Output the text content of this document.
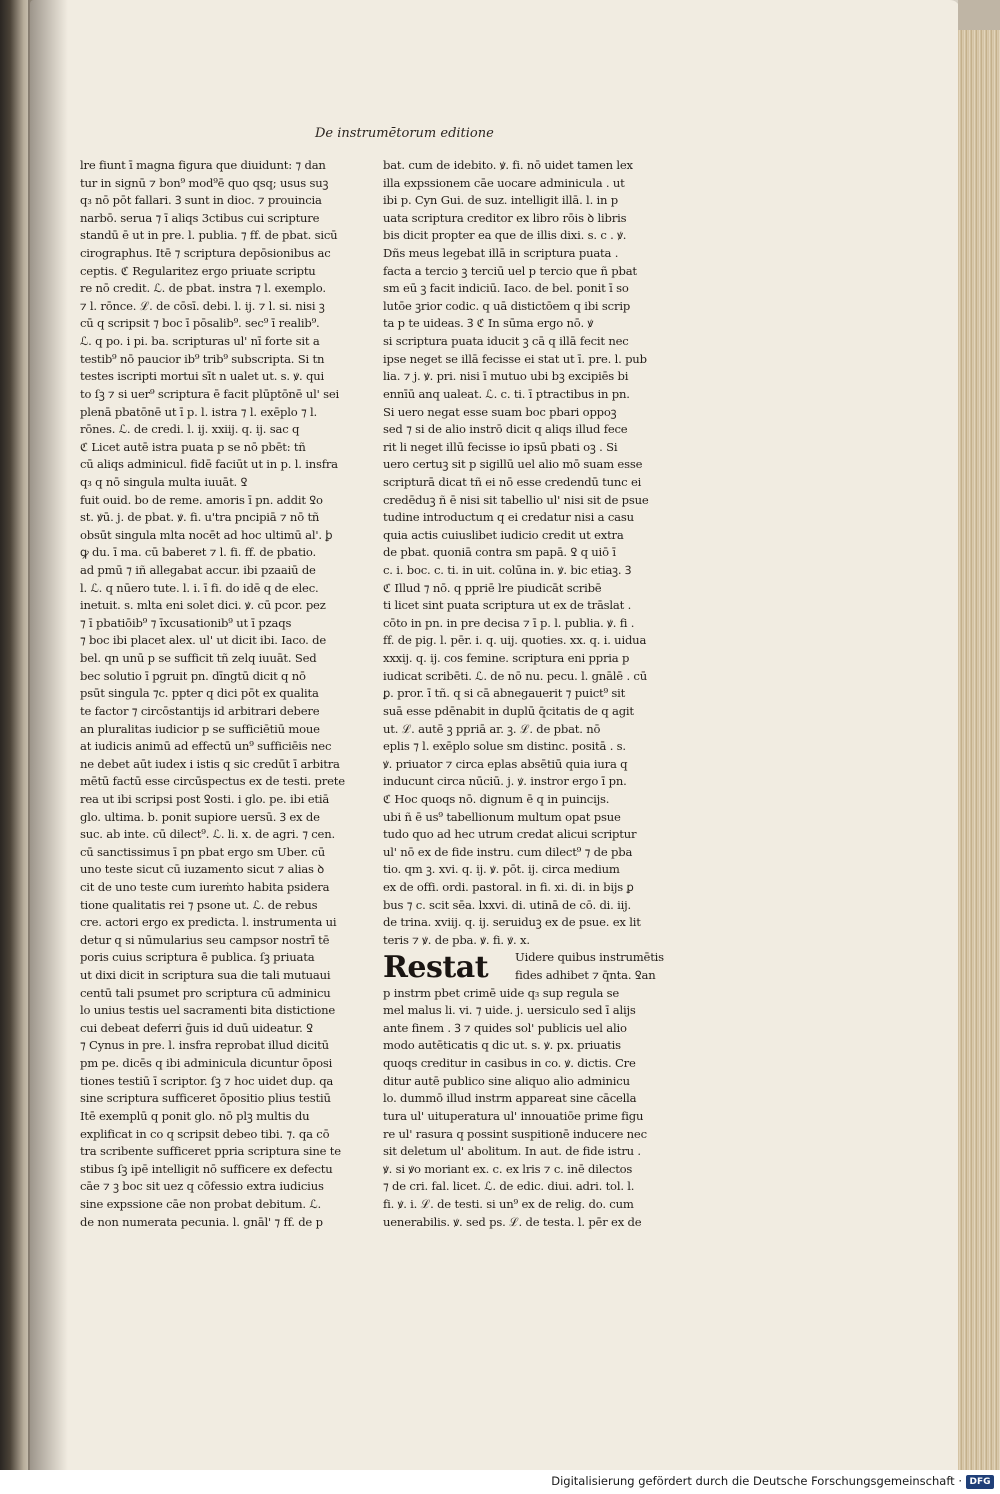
De instrumētorum editione
lre fiunt ī magna figura que diuidunt: ⁊ dan
tur in signū ⁊ bon⁹ mod⁹ē quo qsq; usus suꝫ
q₃ nō pōt fallari. Ꝫ sunt in dioc. ⁊ prouincia
narbō. serua ⁊ ī aliqs 3ctibus cui scripture
standū ē ut in pre. l. publia. ⁊ ff. de pbat. sicū
cirographus. Itē ⁊ scriptura depōsionibus ac
ceptis. ℭ Regularitez ergo priuate scriptu
re nō credit. ℒ. de pbat. instra ⁊ l. exemplo.
⁊ l. rōnce. ℒ. de cōsī. debi. l. ij. ⁊ l. si. nisi ꝫ
cū q scripsit ⁊ boc ī pōsalib⁹. sec⁹ ī realib⁹.
ℒ. q po. i pi. ba. scripturas ul' nī forte sit a
testib⁹ nō paucior ib⁹ trib⁹ subscripta. Si tn
testes iscripti mortui sīt n ualet ut. s. ꝟ. qui
to ſꝫ ⁊ si uer⁹ scriptura ē facit plūptōnē ul' sei
plenā pbatōnē ut ī p. l. istra ⁊ l. exēplo ⁊ l.
rōnes. ℒ. de credi. l. ij. xxiij. q. ij. sac q
ℭ Licet autē istra puata p se nō pbēt: tñ
cū aliqs adminicul. fidē faciūt ut in p. l. insfra
q₃ q nō singula multa iuuāt. Ꝿ
fuit ouid. bo de reme. amoris ī pn. addit Ꝿo
st. ꝟū. j. de pbat. ꝟ. fi. u'tra pncipiā ⁊ nō tñ
obsūt singula mlta nocēt ad hoc ultimū al'. ꝧ
ꝙ du. ī ma. cū baberet ⁊ l. fi. ff. de pbatio.
ad pmū ⁊ iñ allegabat accur. ibi pzaaiū de
l. ℒ. q nūero tute. l. i. ī fi. do idē q de elec.
inetuit. s. mlta eni solet dici. ꝟ. cū pcor. pez
⁊ ī pbatiōib⁹ ⁊ īxcusationib⁹ ut ī pzaqs
⁊ boc ibi placet alex. ul' ut dicit ibi. Iaco. de
bel. qn unū p se sufficit tñ zelq iuuāt. Sed
bec solutio ī pgruit pn. dīngtū dicit q nō
psūt singula ⁊c. ppter q dici pōt ex qualita
te factor ⁊ circōstantijs id arbitrari debere
an pluralitas iudicior p se sufficiētiū moue
at iudicis animū ad effectū un⁹ sufficiēis nec
ne debet aūt iudex i istis q sic credūt ī arbitra
mētū factū esse circūspectus ex de testi. prete
rea ut ibi scripsi post Ꝿosti. i glo. pe. ibi etiā
glo. ultima. b. ponit supiore uersū. Ꝫ ex de
suc. ab inte. cū dilect⁹. ℒ. li. x. de agri. ⁊ cen.
cū sanctissimus ī pn pbat ergo sm Uber. cū
uno teste sicut cū iuzamento sicut ⁊ alias ꝺ
cit de uno teste cum iureṁto habita psidera
tione qualitatis rei ⁊ psone ut. ℒ. de rebus
cre. actori ergo ex predicta. l. instrumenta ui
detur q si nūmularius seu campsor nostrī tē
poris cuius scriptura ē publica. ſꝫ priuata
ut dixi dicit in scriptura sua die tali mutuaui
centū tali psumet pro scriptura cū adminicu
lo unius testis uel sacramenti bita distictione
cui debeat deferri ḡuis id duū uideatur. Ꝿ
⁊ Cynus in pre. l. insfra reprobat illud dicitū
pm pe. dicēs q ibi adminicula dicuntur ōposi
tiones testiū ī scriptor. ſꝫ ⁊ hoc uidet dup. qa
sine scriptura sufficeret ōpositio plius testiū
Itē exemplū q ponit glo. nō plꝫ multis du
explificat in co q scripsit debeo tibi. ⁊. qa cō
tra scribente sufficeret ppria scriptura sine te
stibus ſꝫ ipē intelligit nō sufficere ex defectu
cāe ⁊ ꝫ boc sit uez q cōfessio extra iudicius
sine expssione cāe non probat debitum. ℒ.
de non numerata pecunia. l. gnāl' ⁊ ff. de p
bat. cum de idebito. ꝟ. fi. nō uidet tamen lex
illa expssionem cāe uocare adminicula . ut
ibi p. Cyn Gui. de suz. intelligit illā. l. in p
uata scriptura creditor ex libro rōis ꝺ libris
bis dicit propter ea que de illis dixi. s. c . ꝟ.
Dñs meus legebat illā in scriptura puata .
facta a tercio ꝫ terciū uel p tercio que ñ pbat
sm eū ꝫ facit indiciū. Iaco. de bel. ponit ī so
lutōe ꝫrior codic. q uā distictōem q ibi scrip
ta p te uideas. Ꝫ ℭ In sūma ergo nō. ꝟ
si scriptura puata iducit ꝫ cā q illā fecit nec
ipse neget se illā fecisse ei stat ut ī. pre. l. pub
lia. ⁊ j. ꝟ. pri. nisi ī mutuo ubi bꝫ excipiēs bi
ennīū anq ualeat. ℒ. c. ti. ī ptractibus in pn.
Si uero negat esse suam boc pbari oppoꝫ
sed ⁊ si de alio instrō dicit q aliqs illud fece
rit li neget illū fecisse io ipsū pbati oꝫ . Si
uero certuꝫ sit p sigillū uel alio mō suam esse
scripturā dicat tñ ei nō esse credendū tunc ei
credēduꝫ ñ ē nisi sit tabellio ul' nisi sit de psue
tudine introductum q ei credatur nisi a casu
quia actis cuiuslibet iudicio credit ut extra
de pbat. quoniā contra sm papā. Ꝿ q uiō ī
c. i. boc. c. ti. in uit. colūna in. ꝟ. bic etiaꝫ. Ꝫ
ℭ Illud ⁊ nō. q ppriē lre piudicāt scribē
ti licet sint puata scriptura ut ex de trāslat .
cōto in pn. in pre decisa ⁊ ī p. l. publia. ꝟ. fi .
ff. de pig. l. pēr. i. q. uij. quoties. xx. q. i. uidua
xxxij. q. ij. cos femine. scriptura eni ppria p
iudicat scribēti. ℒ. de nō nu. pecu. l. gnālē . cū
ꝑ. pror. ī tñ. q si cā abnegauerit ⁊ puict⁹ sit
suā esse pdēnabit in duplū q̄citatis de q agit
ut. ℒ. autē ꝫ ppriā ar. ꝫ. ℒ. de pbat. nō
eplis ⁊ l. exēplo solue sm distinc. positā . s.
ꝟ. priuator ⁊ circa eplas absētiū quia iura q
inducunt circa nūciū. j. ꝟ. instror ergo ī pn.
ℭ Hoc quoqs nō. dignum ē q in puincijs.
ubi ñ ē us⁹ tabellionum multum opat psue
tudo quo ad hec utrum credat alicui scriptur
ul' nō ex de fide instru. cum dilect⁹ ⁊ de pba
tio. qm ꝫ. xvi. q. ij. ꝟ. pōt. ij. circa medium
ex de offi. ordi. pastoral. in fi. xi. di. in bijs ꝑ
bus ⁊ c. scit sēa. lxxvi. di. utinā de cō. di. iij.
de trina. xviij. q. ij. seruiduꝫ ex de psue. ex lit
teris ⁊ ꝟ. de pba. ꝟ. fi. ꝟ. x.
Restat	Uidere quibus instrumētis
fides adhibet ⁊ q̄nta. Ꝿan
p instrm pbet crimē uide q₃ sup regula se
mel malus li. vi. ⁊ uide. j. uersiculo sed ī alijs
ante finem . Ꝫ ⁊ quides sol' publicis uel alio
modo autēticatis q dic ut. s. ꝟ. px. priuatis
quoqs creditur in casibus in co. ꝟ. dictis. Cre
ditur autē publico sine aliquo alio adminicu
lo. dummō illud instrm appareat sine cācella
tura ul' uituperatura ul' innouatiōe prime figu
re ul' rasura q possint suspitionē inducere nec
sit deletum ul' abolitum. In aut. de fide istru .
ꝟ. si ꝟo moriant ex. c. ex lris ⁊ c. inē dilectos
⁊ de cri. fal. licet. ℒ. de edic. diui. adri. tol. l.
fi. ꝟ. i. ℒ. de testi. si un⁹ ex de relig. do. cum
uenerabilis. ꝟ. sed ps. ℒ. de testa. l. pēr ex de
Digitalisierung gefördert durch die Deutsche Forschungsgemeinschaft · DFG
